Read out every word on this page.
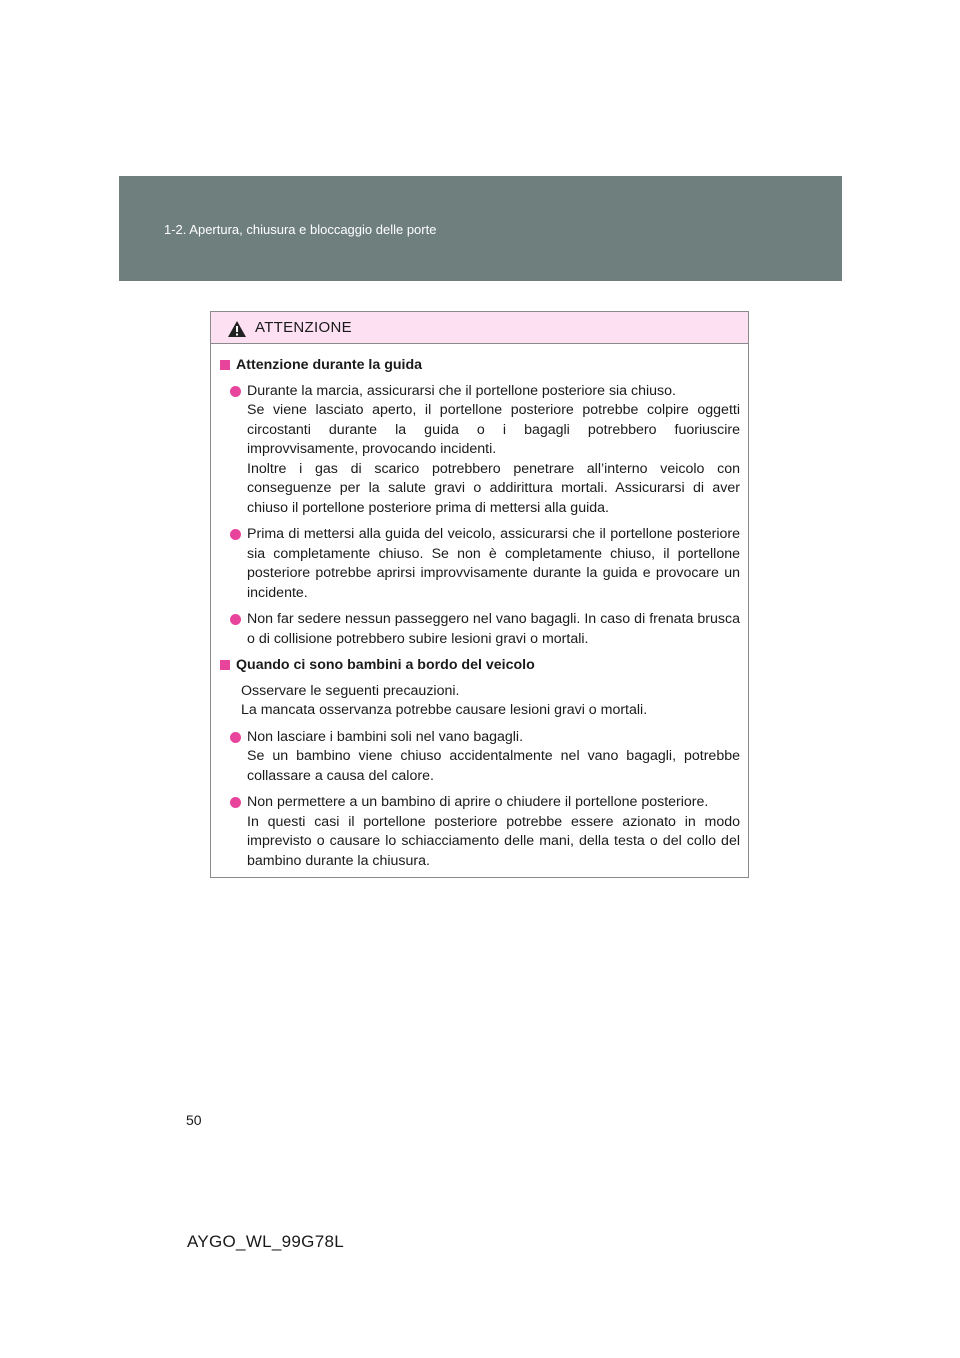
1-2. Apertura, chiusura e bloccaggio delle porte
ATTENZIONE
Attenzione durante la guida

Durante la marcia, assicurarsi che il portellone posteriore sia chiuso.

Se viene lasciato aperto, il portellone posteriore potrebbe colpire oggetti circostanti durante la guida o i bagagli potrebbero fuoriuscire improvvisamente, provocando incidenti.

Inoltre i gas di scarico potrebbero penetrare all’interno veicolo con conseguenze per la salute gravi o addirittura mortali. Assicurarsi di aver chiuso il portellone posteriore prima di mettersi alla guida.

Prima di mettersi alla guida del veicolo, assicurarsi che il portellone posteriore sia completamente chiuso. Se non è completamente chiuso, il portellone posteriore potrebbe aprirsi improvvisamente durante la guida e provocare un incidente.

Non far sedere nessun passeggero nel vano bagagli. In caso di frenata brusca o di collisione potrebbero subire lesioni gravi o mortali.

Quando ci sono bambini a bordo del veicolo

Osservare le seguenti precauzioni.

La mancata osservanza potrebbe causare lesioni gravi o mortali.

Non lasciare i bambini soli nel vano bagagli.

Se un bambino viene chiuso accidentalmente nel vano bagagli, potrebbe collassare a causa del calore.

Non permettere a un bambino di aprire o chiudere il portellone posteriore.

In questi casi il portellone posteriore potrebbe essere azionato in modo imprevisto o causare lo schiacciamento delle mani, della testa o del collo del bambino durante la chiusura.

50
AYGO_WL_99G78L
